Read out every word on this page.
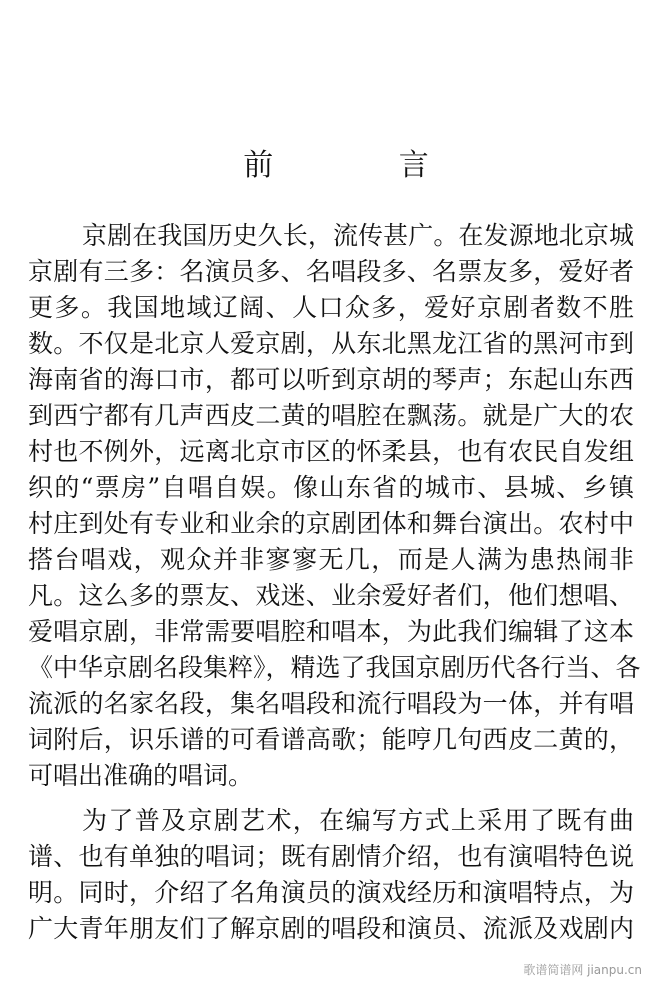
前 言
京剧在我国历史久长，流传甚广。在发源地北京城
京剧有三多：名演员多、名唱段多、名票友多，爱好者
更多。我国地域辽阔、人口众多，爱好京剧者数不胜
数。不仅是北京人爱京剧，从东北黑龙江省的黑河市到
海南省的海口市，都可以听到京胡的琴声；东起山东西
到西宁都有几声西皮二黄的唱腔在飘荡。就是广大的农
村也不例外，远离北京市区的怀柔县，也有农民自发组
织的“票房”自唱自娱。像山东省的城市、县城、乡镇
村庄到处有专业和业余的京剧团体和舞台演出。农村中
搭台唱戏，观众并非寥寥无几，而是人满为患热闹非
凡。这么多的票友、戏迷、业余爱好者们，他们想唱、
爱唱京剧，非常需要唱腔和唱本，为此我们编辑了这本
《中华京剧名段集粹》，精选了我国京剧历代各行当、各
流派的名家名段，集名唱段和流行唱段为一体，并有唱
词附后，识乐谱的可看谱高歌；能哼几句西皮二黄的，
可唱出准确的唱词。
为了普及京剧艺术，在编写方式上采用了既有曲
谱、也有单独的唱词；既有剧情介绍，也有演唱特色说
明。同时，介绍了名角演员的演戏经历和演唱特点，为
广大青年朋友们了解京剧的唱段和演员、流派及戏剧内
歌谱简谱网 jianpu.cn
